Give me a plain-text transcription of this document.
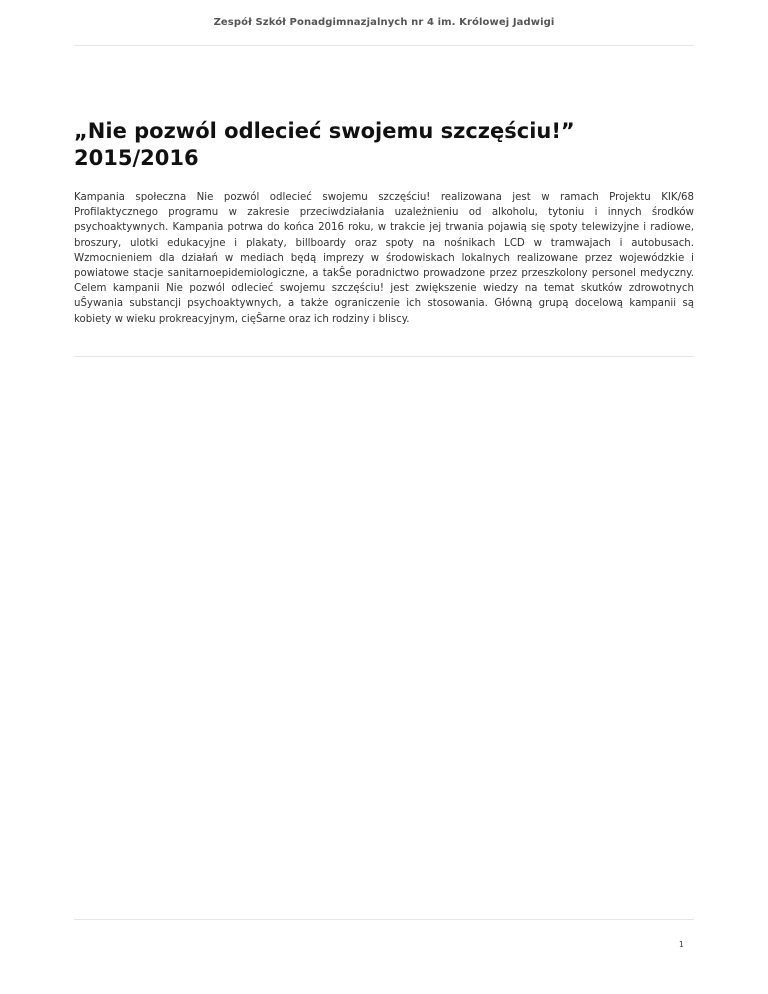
Zespół Szkół Ponadgimnazjalnych nr 4 im. Królowej Jadwigi
„Nie pozwól odlecieć swojemu szczęściu!”
2015/2016

Kampania społeczna Nie pozwól odlecieć swojemu szczęściu! realizowana jest w ramach Projektu KIK/68 Profilaktycznego programu w zakresie przeciwdziałania uzależnieniu od alkoholu, tytoniu i innych środków psychoaktywnych. Kampania potrwa do końca 2016 roku, w trakcie jej trwania pojawią się spoty telewizyjne i radiowe, broszury, ulotki edukacyjne i plakaty, billboardy oraz spoty na nośnikach LCD w tramwajach i autobusach. Wzmocnieniem dla działań w mediach będą imprezy w środowiskach lokalnych realizowane przez wojewódzkie i powiatowe stacje sanitarnoepidemiologiczne, a takŜe poradnictwo prowadzone przez przeszkolony personel medyczny. Celem kampanii Nie pozwól odlecieć swojemu szczęściu! jest zwiększenie wiedzy na temat skutków zdrowotnych uŜywania substancji psychoaktywnych, a także ograniczenie ich stosowania. Główną grupą docelową kampanii są kobiety w wieku prokreacyjnym, cięŜarne oraz ich rodziny i bliscy.

1
